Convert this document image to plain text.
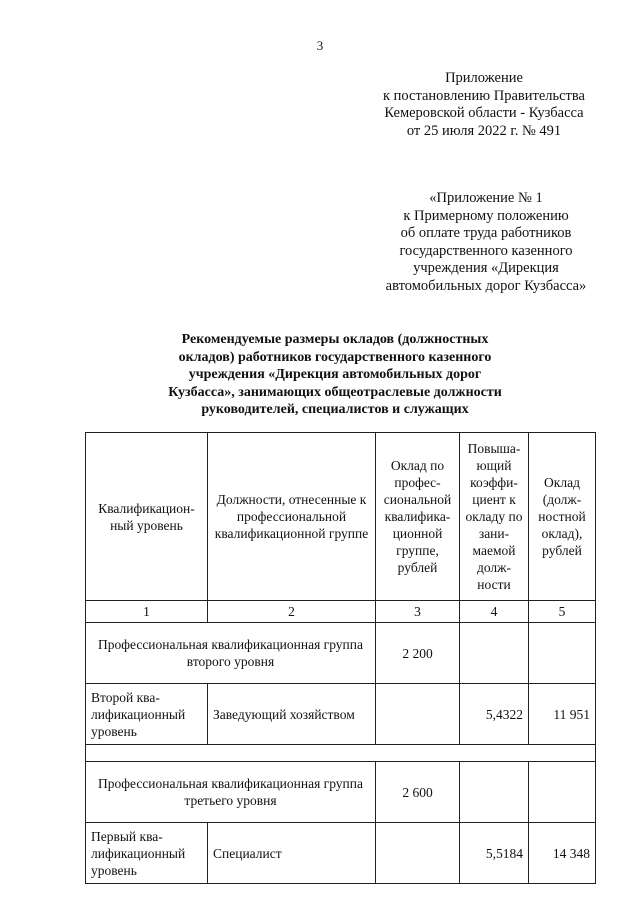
3
Приложение
к постановлению Правительства
Кемеровской области - Кузбасса
от 25 июля 2022 г. № 491
«Приложение № 1
к Примерному положению
об оплате труда работников
государственного казенного
учреждения «Дирекция
автомобильных дорог Кузбасса»
Рекомендуемые размеры окладов (должностных
окладов) работников государственного казенного
учреждения «Дирекция автомобильных дорог
Кузбасса», занимающих общеотраслевые должности
руководителей, специалистов и служащих
Квалификацион-ный уровень	Должности, отнесенные к профессиональной квалификационной группе	Оклад по профес-сиональной квалифика-ционной группе, рублей	Повыша-ющий коэффи-циент к окладу по зани-маемой долж-ности	Оклад (долж-ностной оклад), рублей
1	2	3	4	5
Профессиональная квалификационная группа второго уровня		2 200		
Второй ква-лификационный уровень	Заведующий хозяйством		5,4322	11 951

Профессиональная квалификационная группа третьего уровня		2 600		
Первый ква-лификационный уровень	Специалист		5,5184	14 348
